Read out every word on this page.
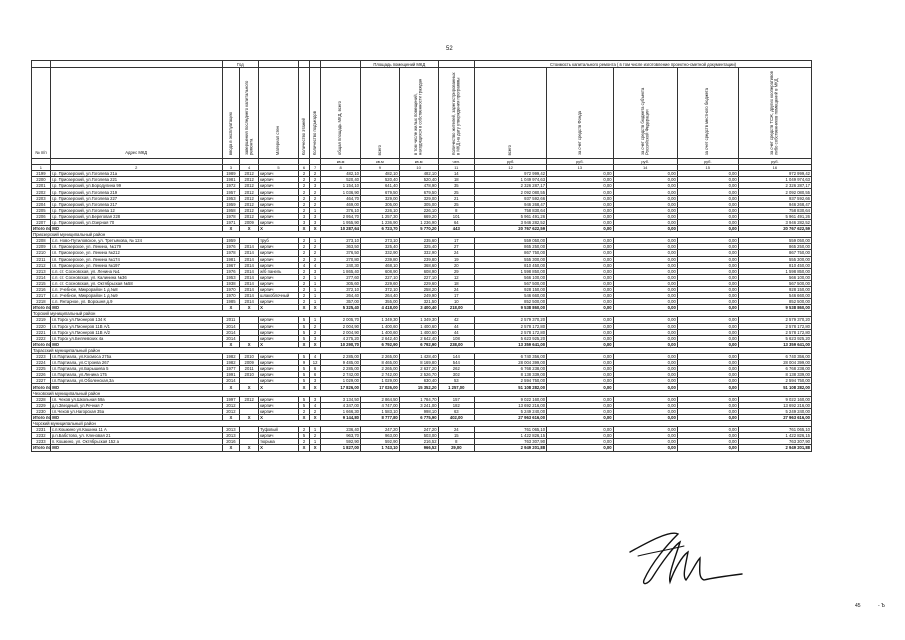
52
		Год						Площадь помещений МКД			Стоимость капитального ремонта ( в том числе изготовление проектно-сметной документации)				
№ п/п	Адрес МКД	ввода в эксплуатацию	завершения последнего капитального ремонта	Материал стен	Количество этажей	Количество подъездов	общая площадь МКД, всего	всего	в том числе жилых помещений, находящихся в собственности граждан	Количество жителей, зарегистрированных в МКД на дату утверждения программы	всего	за счет средств Фонда	за счет средств бюджета субъекта Российской Федерации	за счет средств местного бюджета	за счет средств ТСЖ, других кооперативов либо собственников помещений в МКД
							кв.м	кв.м	кв.м	чел.	руб.	руб.	руб.	руб.	руб.
1	2	3	4	5	6	7	8	9	10	11	12	13	14	15	16
2199	г.р. Приозерский, ул.Гоголева 21а	1989	2012	кирпич	2	2	482,10	482,10	482,10	14	972 999,42	0,00	0,00	0,00	972 999,42
2200	г.р. Приозерский, ул.Гоголева 221	1981	2012	кирпич	2	2	520,40	520,40	520,40	18	1 049 974,63	0,00	0,00	0,00	1 049 974,63
2201	г.р. Приозерский, ул.Бородулина 99	1972	2012	кирпич	2	3	1 154,10	641,40	478,90	35	2 326 287,17	0,00	0,00	0,00	2 326 287,17
2202	г.р. Приозерский, ул.Гоголева 219	1957	2012	кирпич	2	2	1 036,90	679,50	679,50	25	2 092 080,55	0,00	0,00	0,00	2 092 080,55
2203	г.р. Приозерский, ул.Гоголева 227	1953	2012	кирпич	2	2	464,70	329,00	329,00	21	937 592,66	0,00	0,00	0,00	937 592,66
2204	г.р. Приозерский, ул.Гоголева 217	1959	2012	кирпич	2	2	469,00	305,00	305,00	25	946 268,47	0,00	0,00	0,00	946 268,47
2205	г.р. Приозерский, ул.Гоголева 12	1958	2012	кирпич	2	1	376,10	226,10	226,10	8	758 830,64	0,00	0,00	0,00	758 830,64
2206	г.р. Приозерский, ул.Береговая 228	1978	2012	кирпич	3	3	2 954,70	1 257,30	669,20	101	5 961 491,26	0,00	0,00	0,00	5 961 491,26
2207	г.р. Приозерский, ул.Озерная 70	1971	2009	кирпич	3	3	1 955,90	1 236,90	1 236,90	64	3 946 282,52	0,00	0,00	0,00	3 946 282,52
Итого по МО		X	X	X	X	X	10 287,64	6 723,70	5 770,20	443	20 767 622,59	0,00	0,00	0,00	20 767 622,59
Приозерский муниципальный район															
2208	с.п. Ново-Путиловское, ул. Третьякова, № 124	1959		труб	2	1	273,10	273,10	235,60	17	559 050,00	0,00	0,00	0,00	559 050,00
2209	г.п. Приозерское, ул. Ленина, №179	1976	2014	кирпич	2	2	363,50	325,40	325,40	27	865 250,00	0,00	0,00	0,00	865 250,00
2210	г.п. Приозерское, ул. Ленина №212	1978	2014	кирпич	2	2	376,50	332,90	332,90	24	867 750,00	0,00	0,00	0,00	867 750,00
2211	г.п. Приозерское, ул. Ленина №174	1981	2014	кирпич	2	2	270,80	239,80	239,80	19	555 300,00	0,00	0,00	0,00	555 300,00
2212	г.п. Приозерское, ул. Ленина №197	1967	2014	кирпич	4	4	240,30	468,10	368,60	20	810 450,00	0,00	0,00	0,00	810 450,00
2213	с.п. ст. Сосновская, ул. Ленина №1	1976	2014	ж/б панель	2	3	1 865,40	608,90	608,90	29	1 598 850,00	0,00	0,00	0,00	1 598 850,00
2214	с.п. ст. Сосновская, ул. Калинина №36	1953	2014	кирпич	2	1	277,60	227,10	227,10	12	566 100,00	0,00	0,00	0,00	566 100,00
2215	с.п. ст. Сосновская, ул. Октябрьская №58	1938	2014	кирпич	2	1	305,60	229,60	229,60	18	567 500,00	0,00	0,00	0,00	567 500,00
2216	с.п. Учебное, Микрорайон 1 д.№8	1970	2014	кирпич	2	1	372,10	372,10	258,20	24	928 150,00	0,00	0,00	0,00	928 150,00
2217	с.п. Учебное, Микрорайон 1 д.№9	1970	2014	шлакоблочный	2	1	264,40	264,40	249,90	17	546 660,00	0,00	0,00	0,00	546 660,00
2218	с.п. Янтарное, ул. Ворошня д.9	1985	2014	кирпич	2	1	357,00	355,00	321,50	10	852 500,00	0,00	0,00	0,00	852 500,00
Итого по МО		X	X	X	X	X	5 325,40	4 418,00	3 400,40	218,00	9 538 860,00	0,00	0,00	0,00	9 538 860,00
Торский муниципальный район															
2219	г.п.Торск ул.Пионеров 134 К	2011		кирпич	5	1	2 005,70	1 349,30	1 349,30	42	2 579 370,20	0,00	0,00	0,00	2 579 370,20
2220	г.п.Торск ул.Пионеров 11В А/1	2014		кирпич	5	2	2 004,90	1 400,60	1 400,60	44	2 578 172,80	0,00	0,00	0,00	2 578 172,80
2221	г.п.Торск ул.Пионеров 11В А/2	2014		кирпич	5	2	2 004,90	1 400,60	1 400,60	44	2 578 172,80	0,00	0,00	0,00	2 578 172,80
2222	г.п.Торск ул.Беляевских 4а	2014		кирпич	5	3	4 275,20	2 642,40	2 642,40	108	5 623 925,20	0,00	0,00	0,00	5 623 925,20
Итого по МО		X	X	X	X	X	10 290,70	6 792,90	6 792,90	238,00	13 359 641,00	0,00	0,00	0,00	13 359 641,00
Тарасский муниципальный район															
2223	г.п.Партиала, ул.Космоса 275а	1982	2010	кирпич	5	4	2 285,00	2 265,00	1 428,40	144	6 740 356,00	0,00	0,00	0,00	6 740 356,00
2224	г.п.Партиала, ул.Строева 267	1982	2009	кирпич	9	12	9 485,00	8 465,00	8 169,80	544	28 004 399,00	0,00	0,00	0,00	28 004 399,00
2225	г.п.Партиала, ул.Барышева 5	1977	2011	кирпич	5	6	2 285,00	2 265,00	2 637,20	262	6 768 238,00	0,00	0,00	0,00	6 768 238,00
2226	г.п.Партиала, ул.Ленина 175	1991	2010	кирпич	5	6	2 742,00	2 742,00	2 526,70	302	8 138 339,00	0,00	0,00	0,00	8 138 339,00
2227	г.п.Партиала, ул.Оболенская,3а	2014		кирпич	5	3	1 029,00	1 029,00	630,40	53	2 594 750,00	0,00	0,00	0,00	2 594 750,00
Итого по МО		X	X	X	X	X	17 826,00	17 026,00	15 352,20	1 257,00	51 108 282,00	0,00	0,00	0,00	51 108 282,00
Чеховский муниципальный район															
2228	г.п. Чехов ул.Школьная 59а	1997	2012	кирпич	5	3	3 134,50	2 864,50	1 784,70	157	9 022 160,00	0,00	0,00	0,00	9 022 160,00
2229	д.п.Звездный, ул.Речная 7	2012		кирпич	5	4	4 347,00	4 747,00	3 241,00	182	13 692 216,00	0,00	0,00	0,00	13 692 216,00
2230	г.п.Чехов ул.Нагорская 35а	2012		кирпич	2	2	1 666,30	1 583,10	998,10	63	5 249 240,00	0,00	0,00	0,00	5 249 240,00
Итого по МО		X	X	X	X	X	9 144,80	8 777,80	6 775,90	402,00	27 963 616,00	0,00	0,00	0,00	27 963 616,00
Чорский муниципальный район															
2231	с.п.Кошкино ул.Кашина 11 А	2013		Туфовый	2	1	236,40	247,20	247,20	24	761 065,10	0,00	0,00	0,00	761 065,10
2232	р.п.Бабстово, ул. Кленовая 21	2013		кирпич	5	2	963,70	963,00	503,00	15	1 422 826,15	0,00	0,00	0,00	1 422 826,15
2233	п. Кошкино, ул. Октябрьская 152 а	2016		тюрьма	2	1	592,90	592,90	216,52	8	763 307,90	0,00	0,00	0,00	763 307,90
Итого по МО		X	X	X	X	X	1 827,00	1 743,10	966,52	29,00	2 949 201,88	0,00	0,00	0,00	2 949 201,88
45	- Ъ
